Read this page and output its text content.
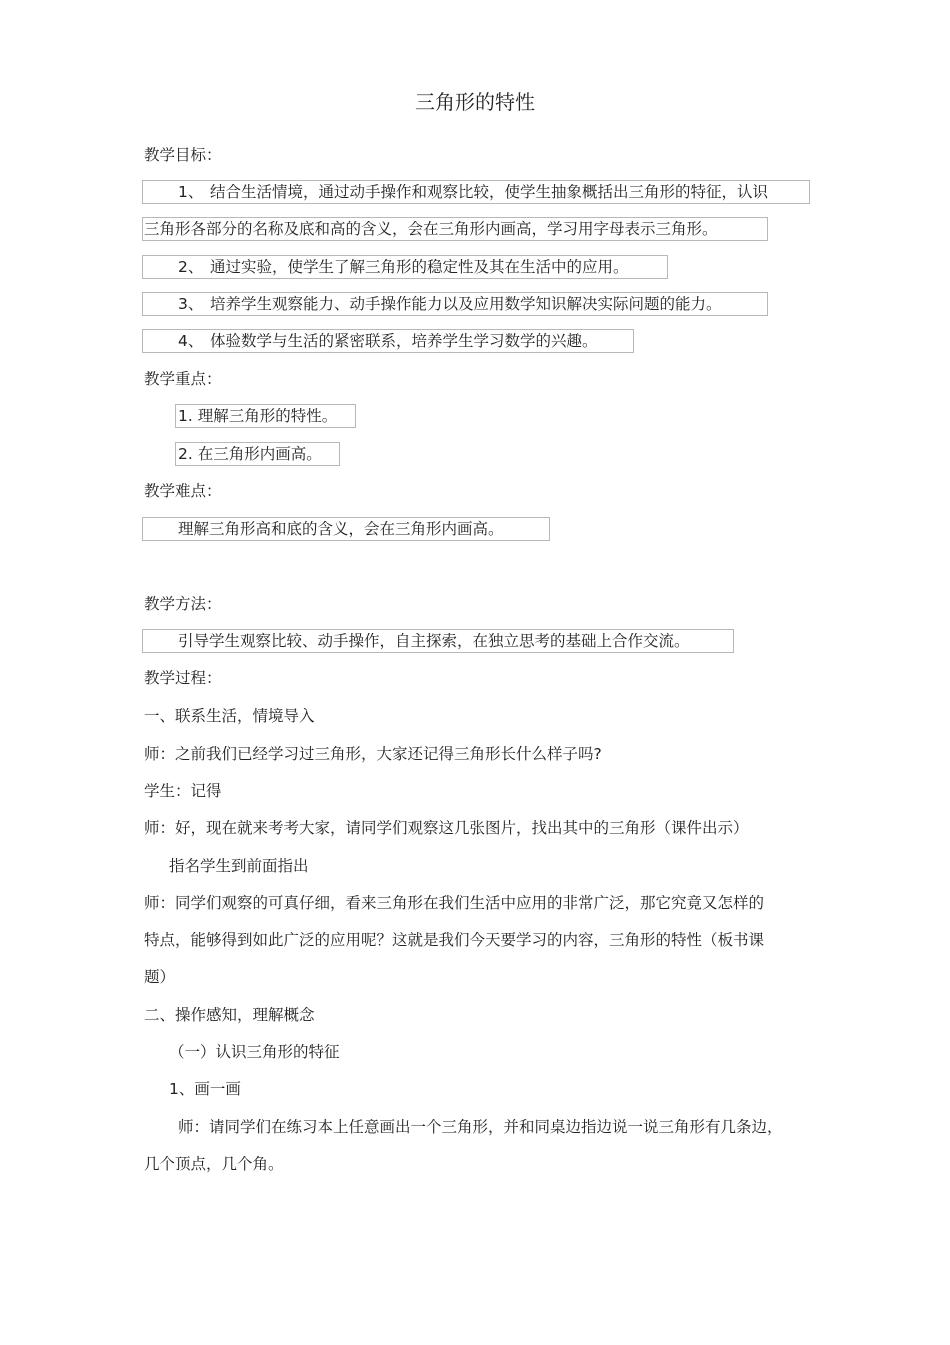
三角形的特性
教学目标：
1、 结合生活情境，通过动手操作和观察比较，使学生抽象概括出三角形的特征，认识
三角形各部分的名称及底和高的含义，会在三角形内画高，学习用字母表示三角形。
2、 通过实验，使学生了解三角形的稳定性及其在生活中的应用。
3、 培养学生观察能力、动手操作能力以及应用数学知识解决实际问题的能力。
4、 体验数学与生活的紧密联系，培养学生学习数学的兴趣。
教学重点：
1. 理解三角形的特性。
2. 在三角形内画高。
教学难点：
理解三角形高和底的含义，会在三角形内画高。
教学方法：
引导学生观察比较、动手操作，自主探索，在独立思考的基础上合作交流。
教学过程：
一、联系生活，情境导入
师：之前我们已经学习过三角形，大家还记得三角形长什么样子吗?
学生：记得
师：好，现在就来考考大家，请同学们观察这几张图片，找出其中的三角形（课件出示）
指名学生到前面指出
师：同学们观察的可真仔细，看来三角形在我们生活中应用的非常广泛，那它究竟又怎样的
特点，能够得到如此广泛的应用呢？这就是我们今天要学习的内容，三角形的特性（板书课
题）
二、操作感知，理解概念
（一）认识三角形的特征
1、画一画
师：请同学们在练习本上任意画出一个三角形，并和同桌边指边说一说三角形有几条边，
几个顶点，几个角。
